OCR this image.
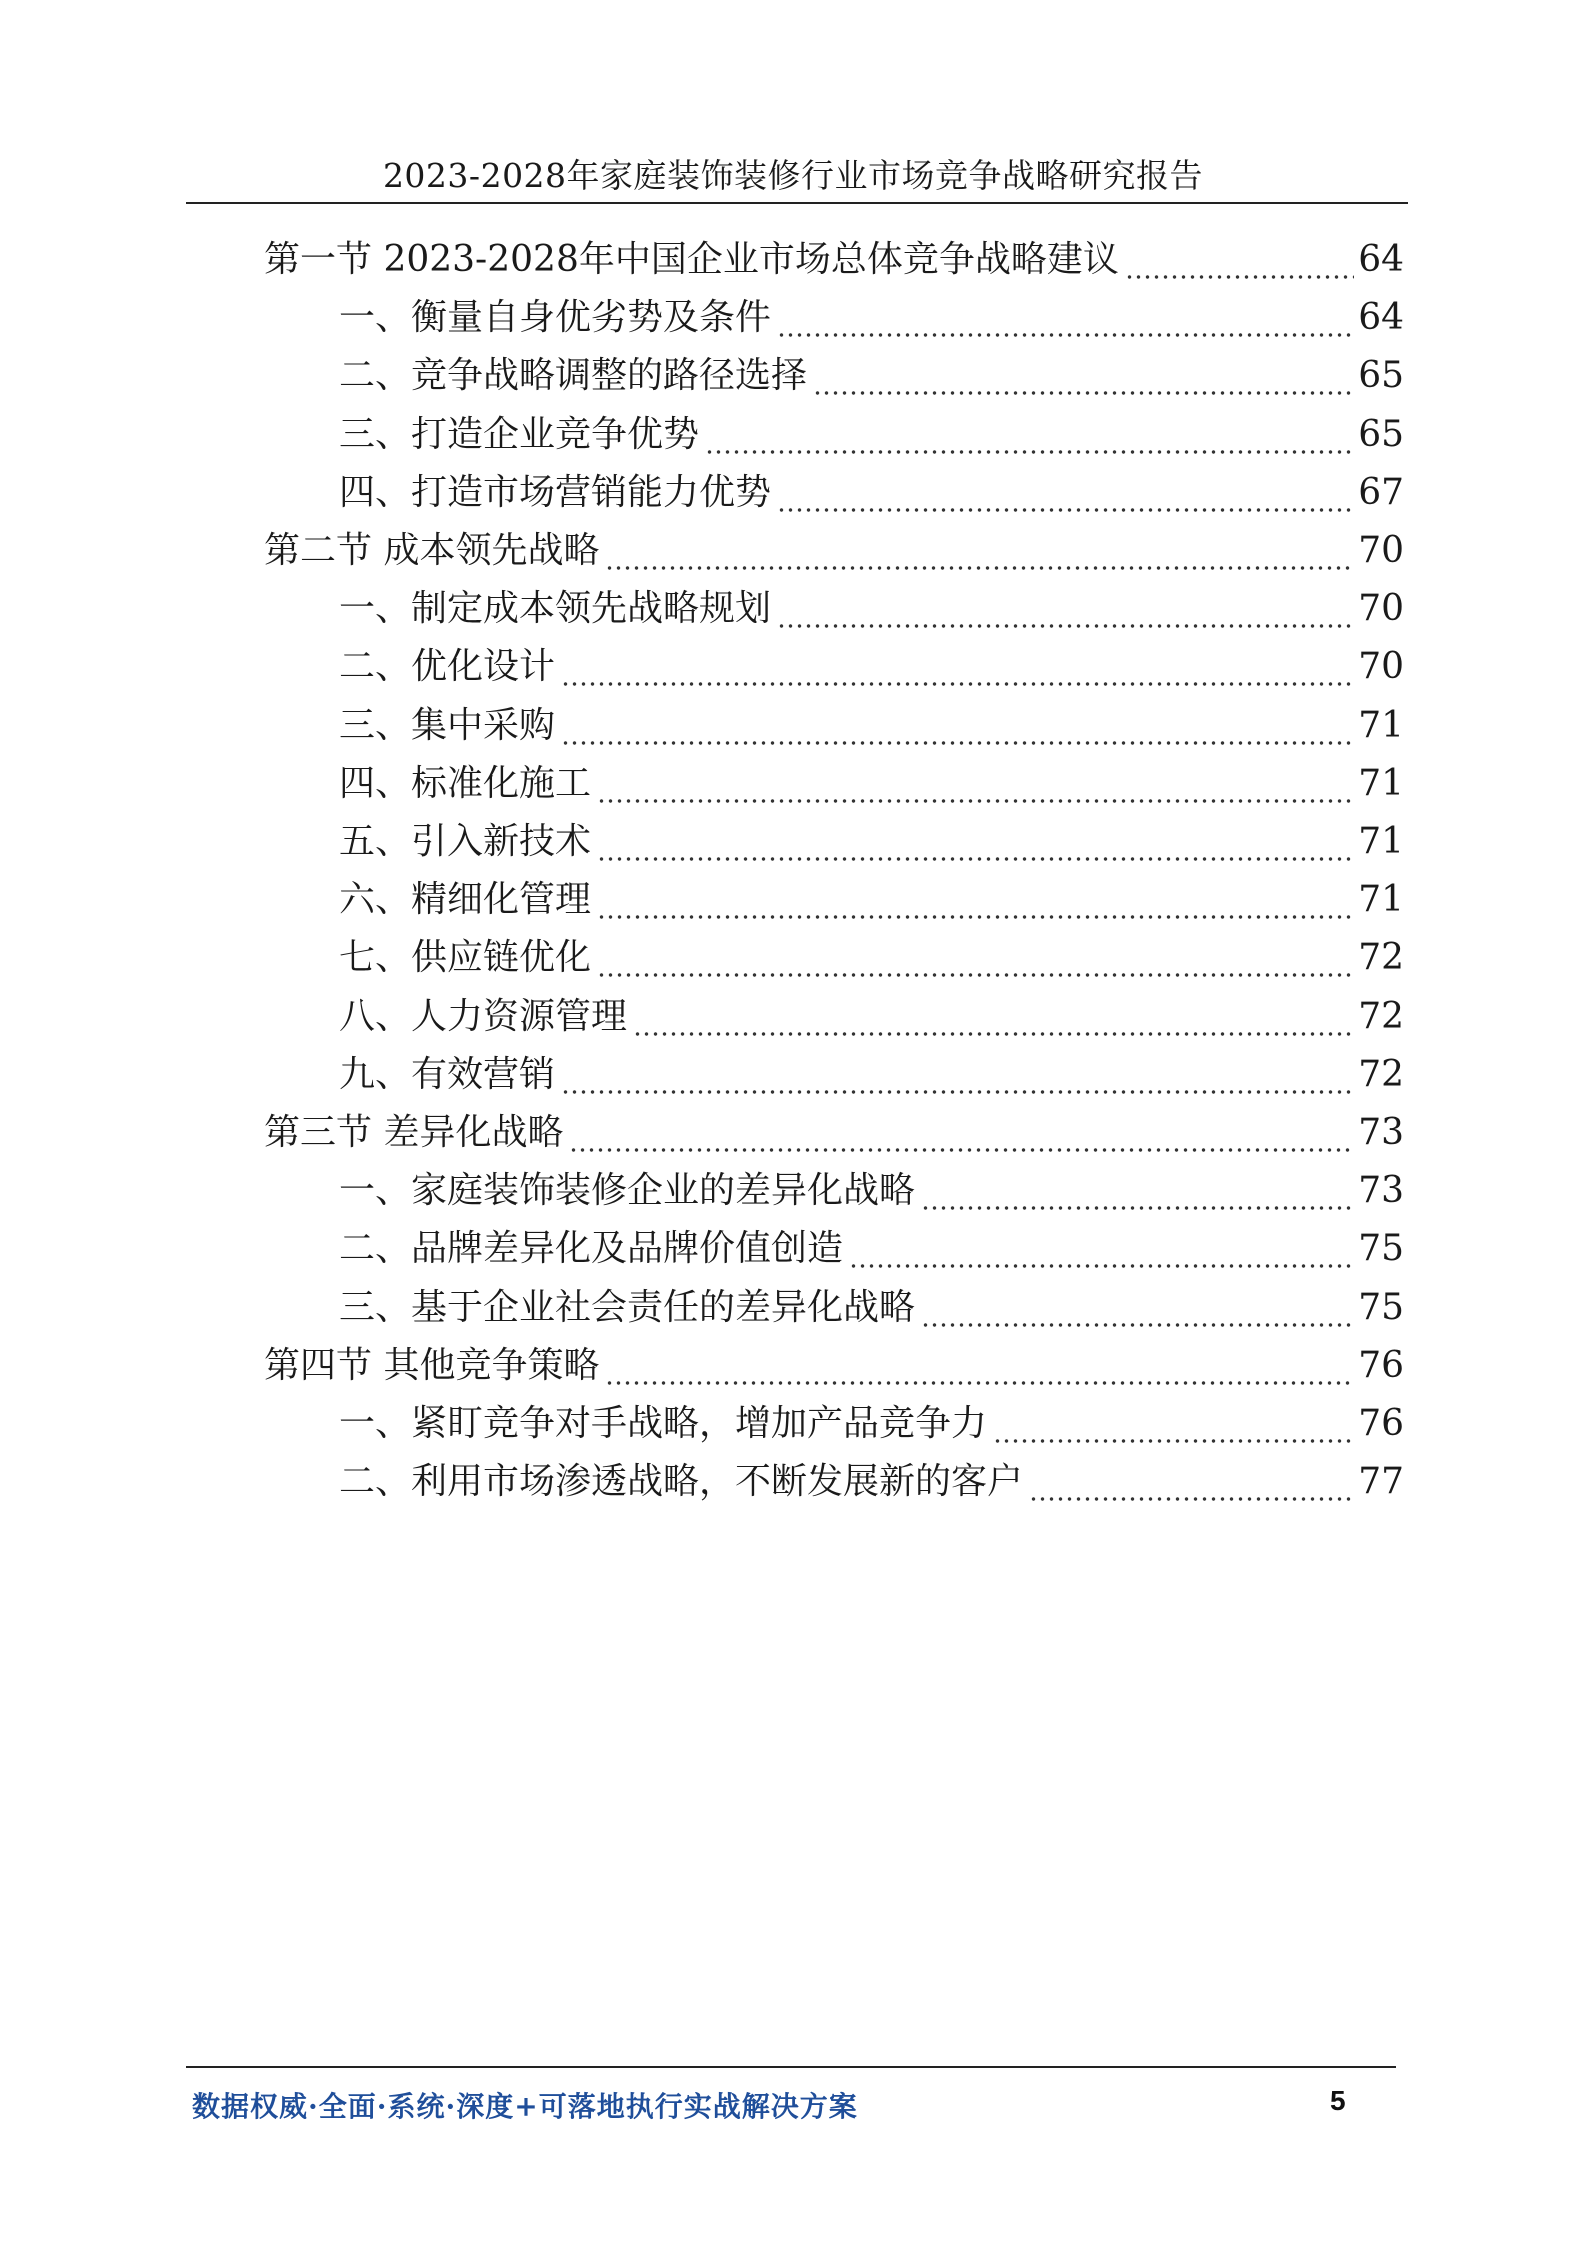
2023-2028年家庭装饰装修行业市场竞争战略研究报告
第一节 2023-2028年中国企业市场总体竞争战略建议	64
一、衡量自身优劣势及条件	64
二、竞争战略调整的路径选择	65
三、打造企业竞争优势	65
四、打造市场营销能力优势	67
第二节 成本领先战略	70
一、制定成本领先战略规划	70
二、优化设计	70
三、集中采购	71
四、标准化施工	71
五、引入新技术	71
六、精细化管理	71
七、供应链优化	72
八、人力资源管理	72
九、有效营销	72
第三节 差异化战略	73
一、家庭装饰装修企业的差异化战略	73
二、品牌差异化及品牌价值创造	75
三、基于企业社会责任的差异化战略	75
第四节 其他竞争策略	76
一、紧盯竞争对手战略，增加产品竞争力	76
二、利用市场渗透战略，不断发展新的客户	77
数据权威·全面·系统·深度+可落地执行实战解决方案	5
